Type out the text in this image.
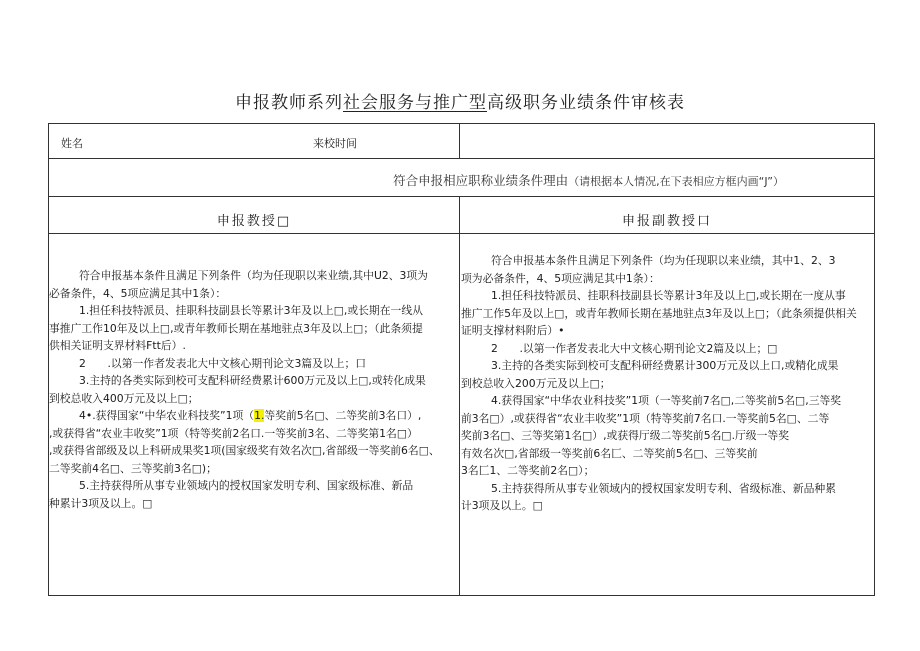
申报教师系列社会服务与推广型高级职务业绩条件审核表
姓名	来校时间
符合申报相应职称业绩条件理由（请根据本人情况,在下表相应方框内画“J”）
申报教授□	申报副教授口

符合申报基本条件且满足下列条件（均为任现职以来业绩,其中U2、3项为

必备条件，4、5项应满足其中1条）：

1.担任科技特派员、挂职科技副县长等累计3年及以上□,或长期在一线从

事推广工作10年及以上□,或青年教师长期在基地驻点3年及以上□；（此条须提

供相关证明支界材料Ftt后）.

2　　.以第一作者发表北大中文核心期刊论文3篇及以上；口

3.主持的各类实际到校可支配科研经费累计600万元及以上□,或转化成果

到校总收入400万元及以上□；

4•.获得国家“中华农业科技奖”1项（1.等奖前5名□、二等奖前3名口）,

,或获得省“农业丰收奖”1项（特等奖前2名口.一等奖前3名、二等奖第1名□）

,或获得省部级及以上科研成果奖1项(国家级奖有效名次□,省部级一等奖前6名□、

二等奖前4名□、三等奖前3名□)；

5.主持获得所从事专业领域内的授权国家发明专利、国家级标准、新品

种累计3项及以上。□

符合申报基本条件且满足下列条件（均为任现职以来业绩，其中1、2、3

项为必备条件，4、5项应满足其中1条）：

1.担任科技特派员、挂职科技副县长等累计3年及以上□,或长期在一度从事

推广工作5年及以上□，或青年教师长期在基地驻点3年及以上□；（此条须提供相关

证明支撑材料附后）•

2　　.以第一作者发表北大中文核心期刊论文2篇及以上；□

3.主持的各类实际到校可支配科研经费累计300万元及以上口,或精化成果

到校总收入200万元及以上□；

4.获得国家“中华农业科技奖”1项（一等奖前7名□,二等奖前5名□,三等奖

前3名□）,或获得省“农业丰收奖”1项（特等奖前7名口.一等奖前5名□、二等

奖前3名□、三等奖第1名□）,或获得厅级二等奖前5名□.厅级一等奖

有效名次□,省部级一等奖前6名匚、二等奖前5名□、三等奖前

3名匚1、二等奖前2名□）；

5.主持获得所从事专业领域内的授权国家发明专利、省级标准、新品种累

计3项及以上。□
